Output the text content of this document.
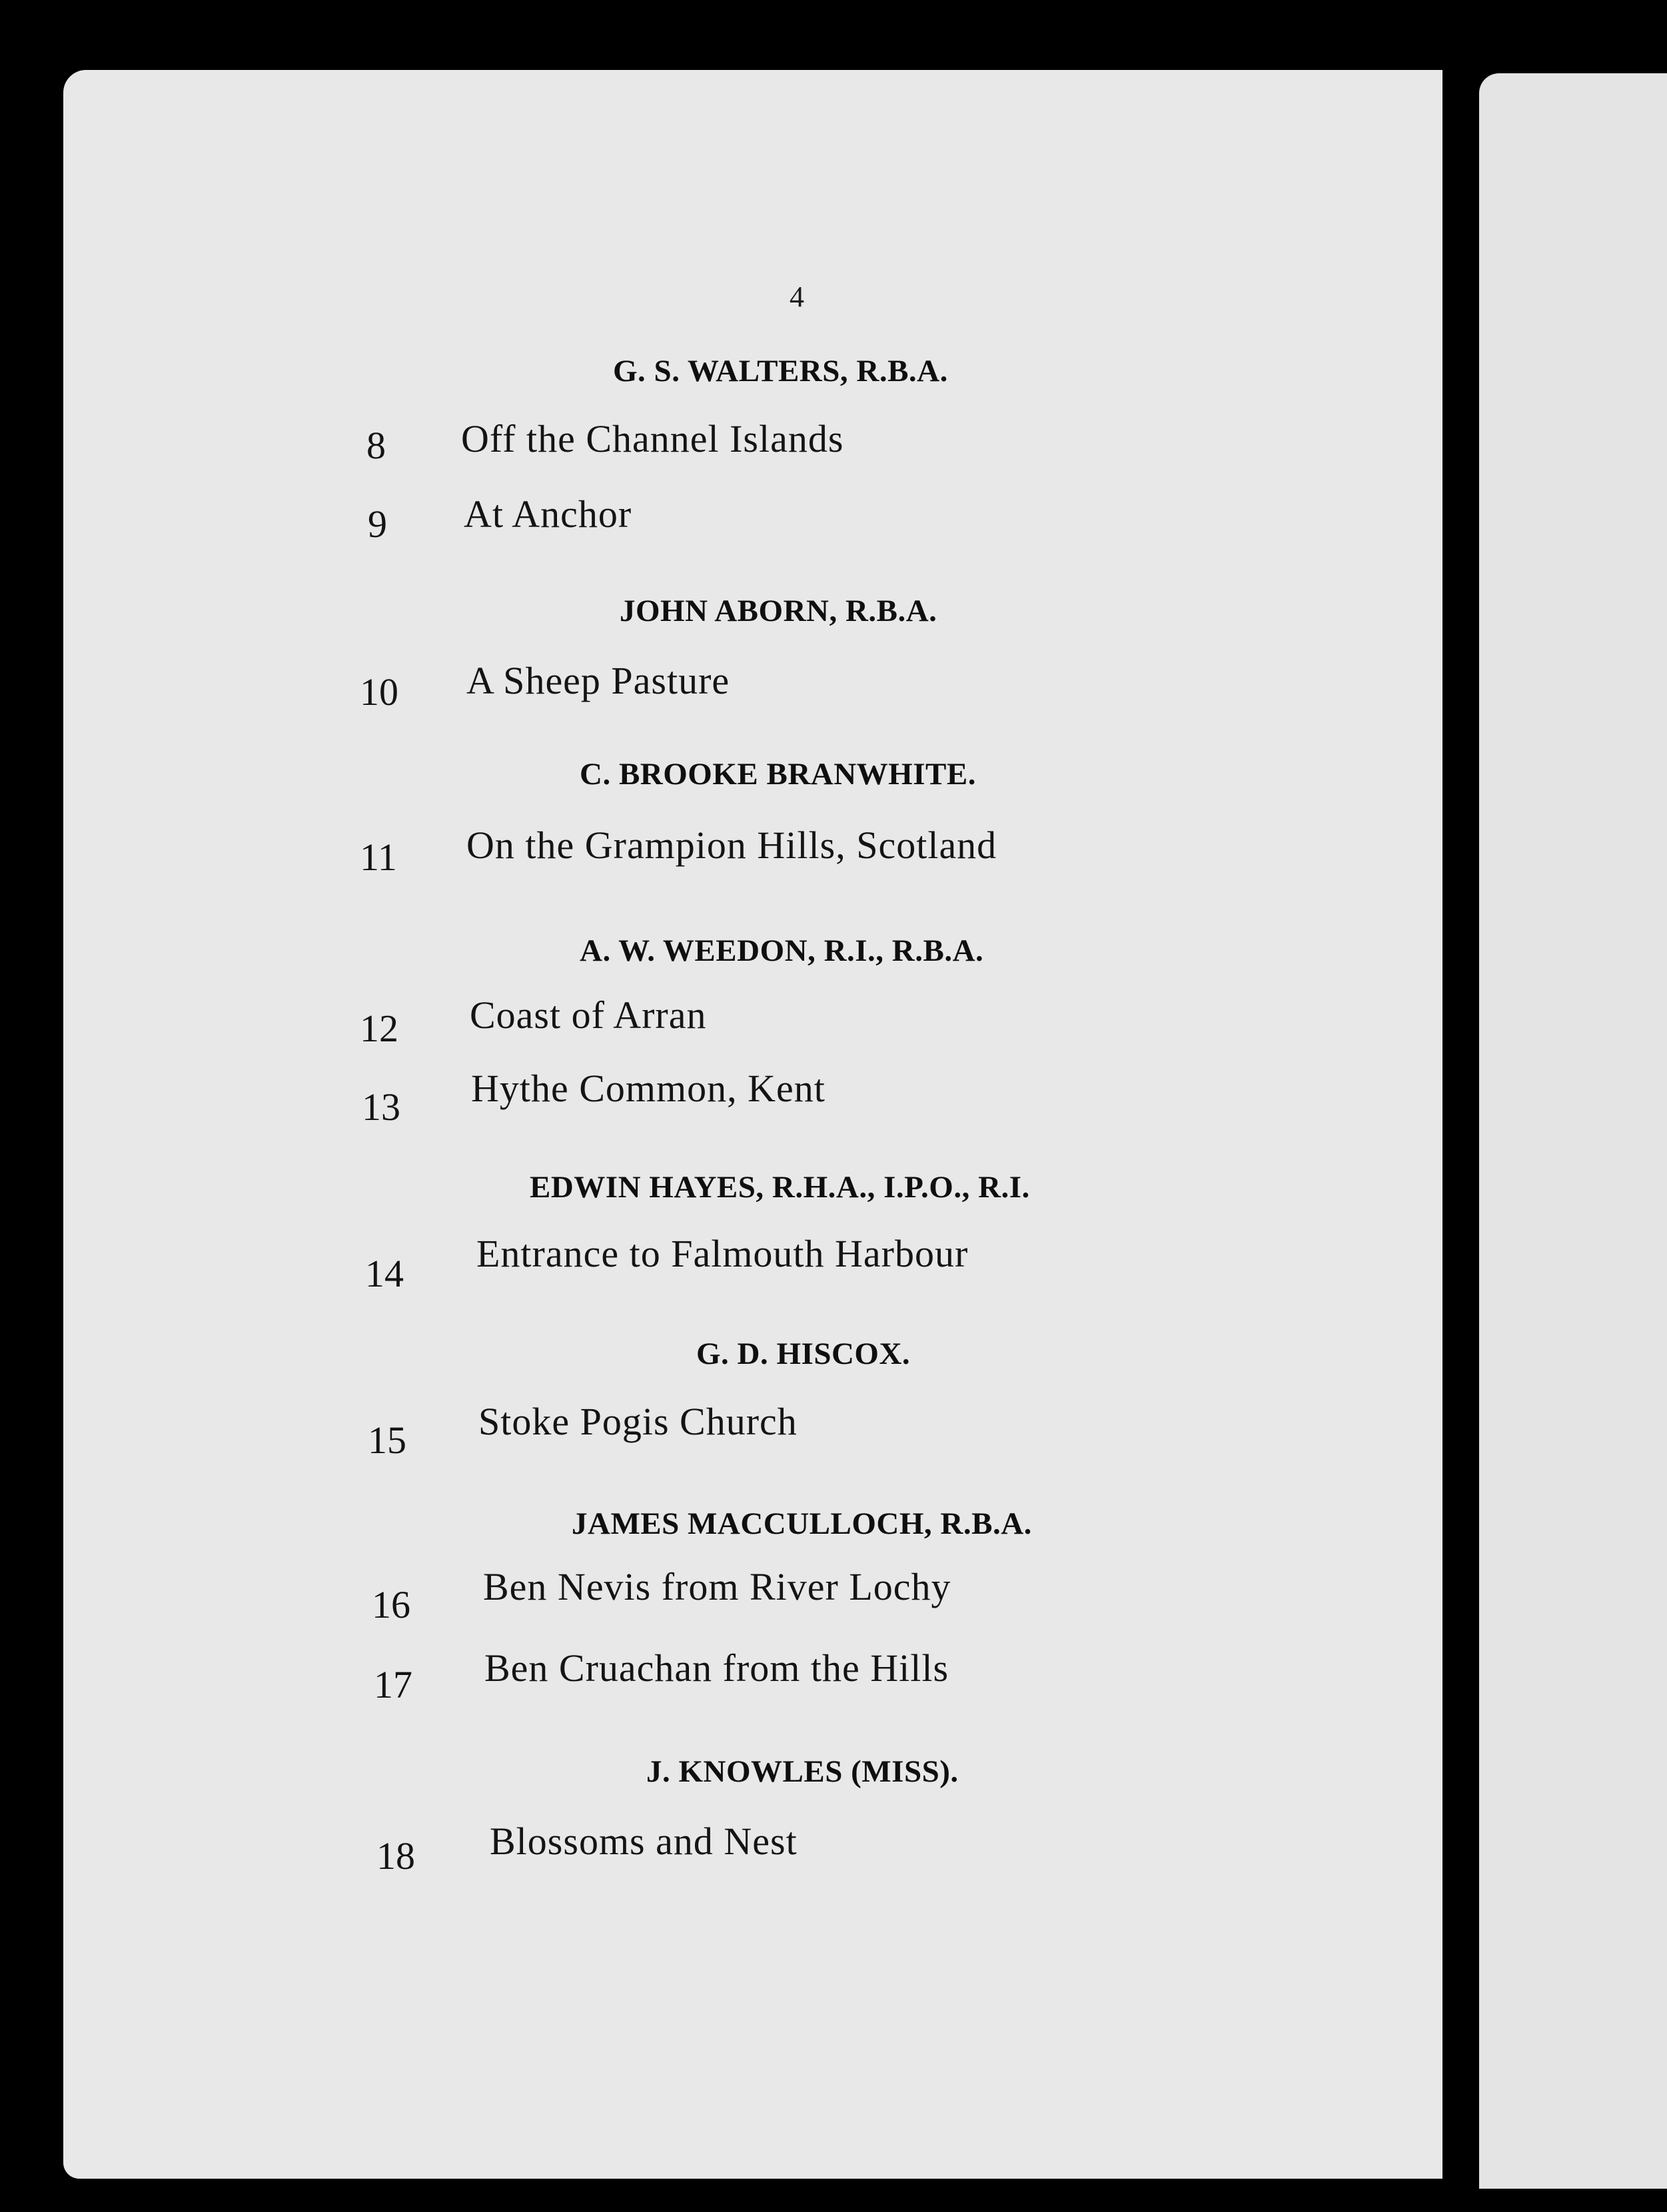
4
G. S. WALTERS, R.B.A.
8 Off the Channel Islands
9 At Anchor
JOHN ABORN, R.B.A.
10 A Sheep Pasture
C. BROOKE BRANWHITE.
11 On the Grampion Hills, Scotland
A. W. WEEDON, R.I., R.B.A.
12 Coast of Arran
13 Hythe Common, Kent
EDWIN HAYES, R.H.A., I.P.O., R.I.
14 Entrance to Falmouth Harbour
G. D. HISCOX.
15 Stoke Pogis Church
JAMES MACCULLOCH, R.B.A.
16 Ben Nevis from River Lochy
17 Ben Cruachan from the Hills
J. KNOWLES (MISS).
18 Blossoms and Nest
